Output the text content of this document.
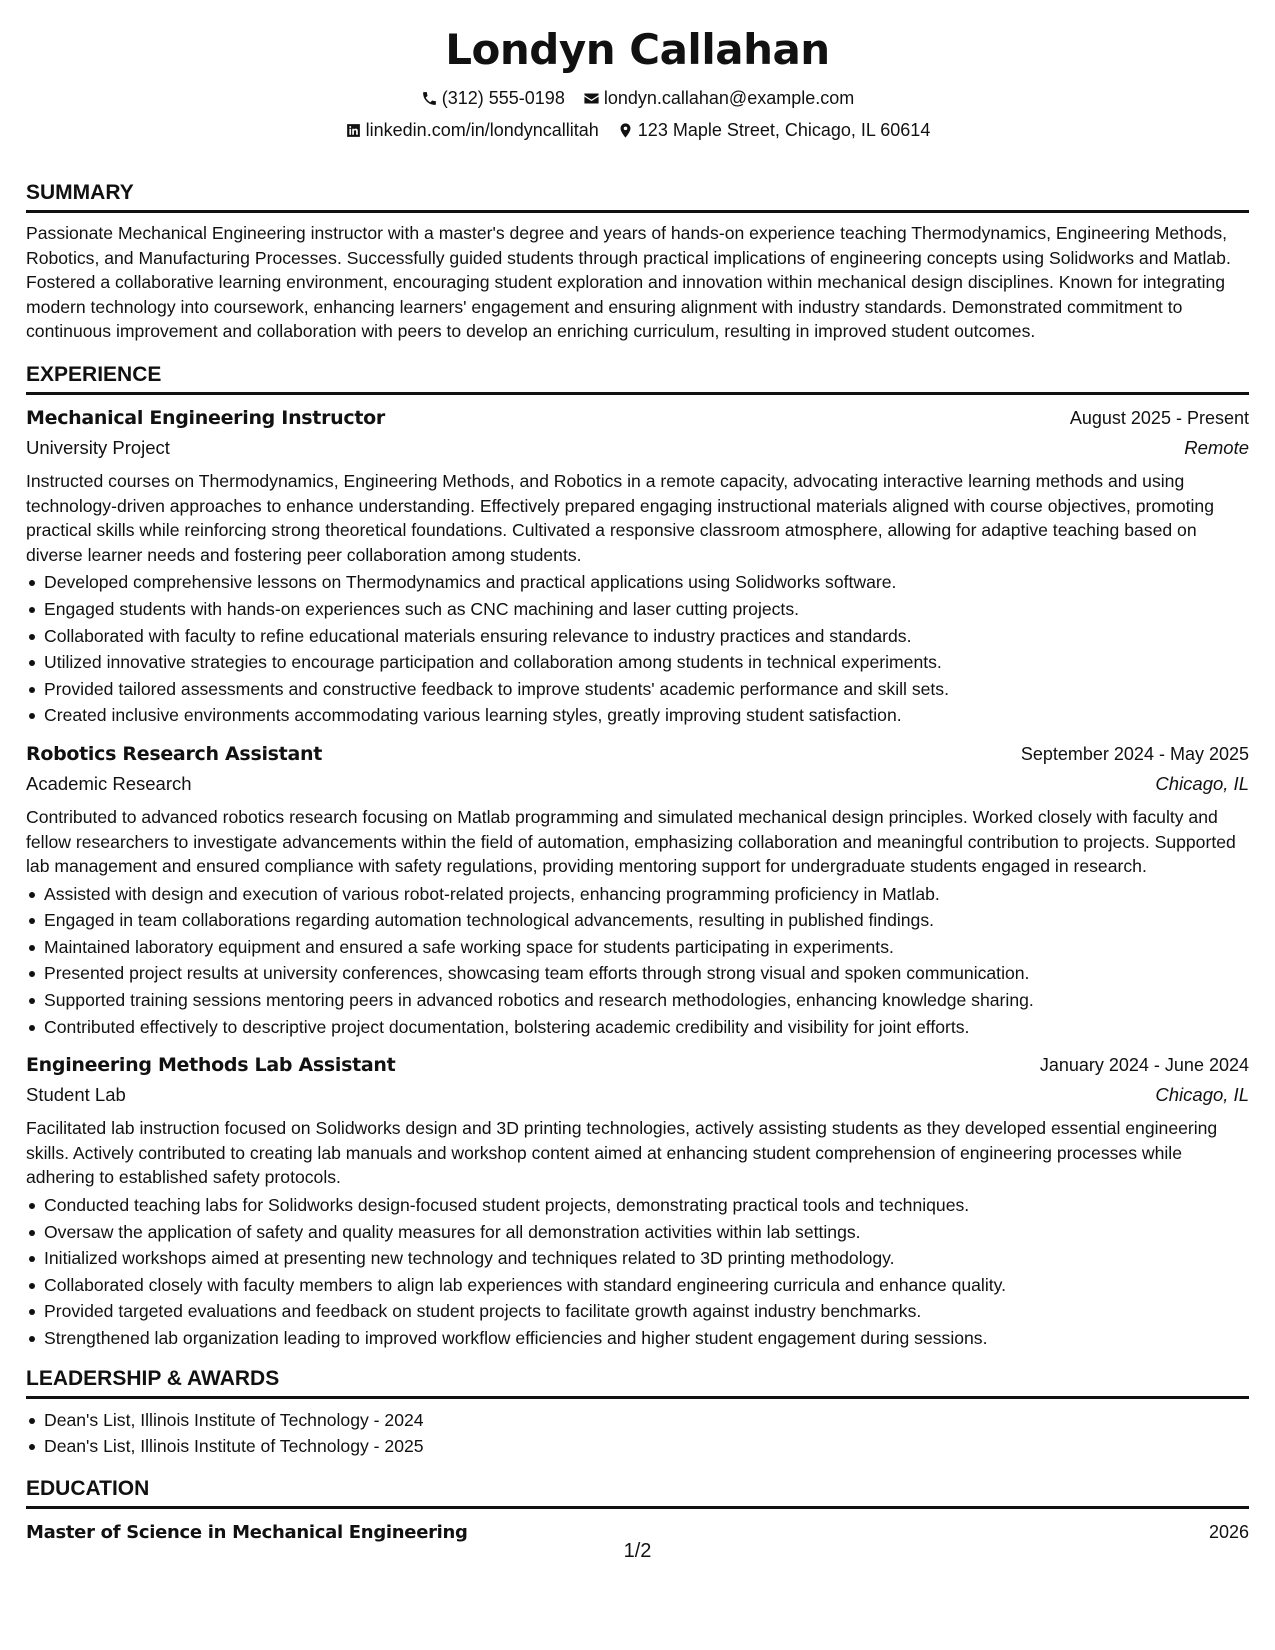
Londyn Callahan
(312) 555-0198 londyn.callahan@example.com
linkedin.com/in/londyncallitah 123 Maple Street, Chicago, IL 60614
SUMMARY

Passionate Mechanical Engineering instructor with a master's degree and years of hands-on experience teaching Thermodynamics, Engineering Methods, Robotics, and Manufacturing Processes. Successfully guided students through practical implications of engineering concepts using Solidworks and Matlab. Fostered a collaborative learning environment, encouraging student exploration and innovation within mechanical design disciplines. Known for integrating modern technology into coursework, enhancing learners' engagement and ensuring alignment with industry standards. Demonstrated commitment to continuous improvement and collaboration with peers to develop an enriching curriculum, resulting in improved student outcomes.

EXPERIENCE
Mechanical Engineering Instructor	August 2025 - Present
University Project	Remote

Instructed courses on Thermodynamics, Engineering Methods, and Robotics in a remote capacity, advocating interactive learning methods and using technology-driven approaches to enhance understanding. Effectively prepared engaging instructional materials aligned with course objectives, promoting practical skills while reinforcing strong theoretical foundations. Cultivated a responsive classroom atmosphere, allowing for adaptive teaching based on diverse learner needs and fostering peer collaboration among students.

Developed comprehensive lessons on Thermodynamics and practical applications using Solidworks software.
Engaged students with hands-on experiences such as CNC machining and laser cutting projects.
Collaborated with faculty to refine educational materials ensuring relevance to industry practices and standards.
Utilized innovative strategies to encourage participation and collaboration among students in technical experiments.
Provided tailored assessments and constructive feedback to improve students' academic performance and skill sets.
Created inclusive environments accommodating various learning styles, greatly improving student satisfaction.
Robotics Research Assistant	September 2024 - May 2025
Academic Research	Chicago, IL

Contributed to advanced robotics research focusing on Matlab programming and simulated mechanical design principles. Worked closely with faculty and fellow researchers to investigate advancements within the field of automation, emphasizing collaboration and meaningful contribution to projects. Supported lab management and ensured compliance with safety regulations, providing mentoring support for undergraduate students engaged in research.

Assisted with design and execution of various robot-related projects, enhancing programming proficiency in Matlab.
Engaged in team collaborations regarding automation technological advancements, resulting in published findings.
Maintained laboratory equipment and ensured a safe working space for students participating in experiments.
Presented project results at university conferences, showcasing team efforts through strong visual and spoken communication.
Supported training sessions mentoring peers in advanced robotics and research methodologies, enhancing knowledge sharing.
Contributed effectively to descriptive project documentation, bolstering academic credibility and visibility for joint efforts.
Engineering Methods Lab Assistant	January 2024 - June 2024
Student Lab	Chicago, IL

Facilitated lab instruction focused on Solidworks design and 3D printing technologies, actively assisting students as they developed essential engineering skills. Actively contributed to creating lab manuals and workshop content aimed at enhancing student comprehension of engineering processes while adhering to established safety protocols.

Conducted teaching labs for Solidworks design-focused student projects, demonstrating practical tools and techniques.
Oversaw the application of safety and quality measures for all demonstration activities within lab settings.
Initialized workshops aimed at presenting new technology and techniques related to 3D printing methodology.
Collaborated closely with faculty members to align lab experiences with standard engineering curricula and enhance quality.
Provided targeted evaluations and feedback on student projects to facilitate growth against industry benchmarks.
Strengthened lab organization leading to improved workflow efficiencies and higher student engagement during sessions.
LEADERSHIP & AWARDS
Dean's List, Illinois Institute of Technology - 2024
Dean's List, Illinois Institute of Technology - 2025
EDUCATION
Master of Science in Mechanical Engineering	2026
1/2
